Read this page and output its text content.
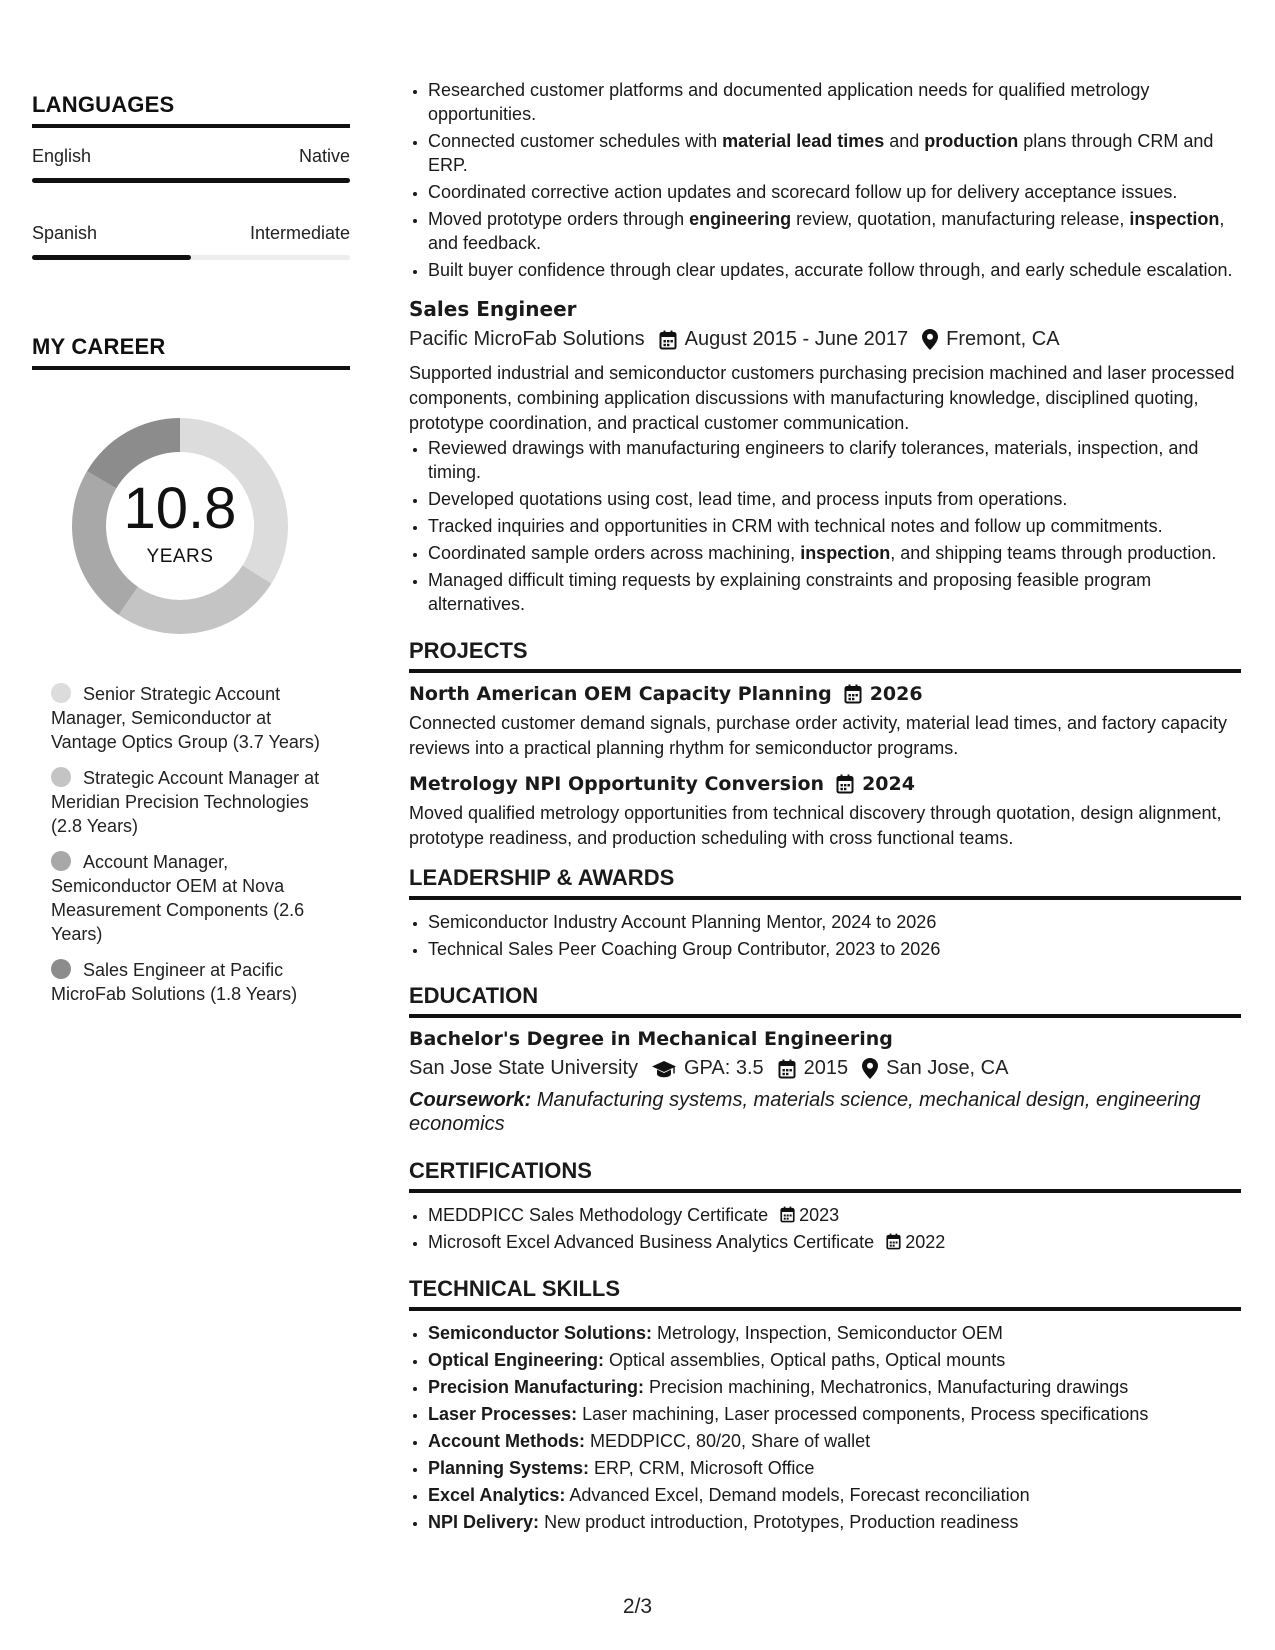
LANGUAGES
English	Native
Spanish	Intermediate
MY CAREER
10.8
YEARS
Senior Strategic Account Manager, Semiconductor at Vantage Optics Group (3.7 Years)
Strategic Account Manager at Meridian Precision Technologies (2.8 Years)
Account Manager, Semiconductor OEM at Nova Measurement Components (2.6 Years)
Sales Engineer at Pacific MicroFab Solutions (1.8 Years)
• Researched customer platforms and documented application needs for qualified metrology opportunities.
• Connected customer schedules with material lead times and production plans through CRM and ERP.
• Coordinated corrective action updates and scorecard follow up for delivery acceptance issues.
• Moved prototype orders through engineering review, quotation, manufacturing release, inspection, and feedback.
• Built buyer confidence through clear updates, accurate follow through, and early schedule escalation.
Sales Engineer
Pacific MicroFab Solutions August 2015 - June 2017 Fremont, CA
Supported industrial and semiconductor customers purchasing precision machined and laser processed components, combining application discussions with manufacturing knowledge, disciplined quoting, prototype coordination, and practical customer communication.
• Reviewed drawings with manufacturing engineers to clarify tolerances, materials, inspection, and timing.
• Developed quotations using cost, lead time, and process inputs from operations.
• Tracked inquiries and opportunities in CRM with technical notes and follow up commitments.
• Coordinated sample orders across machining, inspection, and shipping teams through production.
• Managed difficult timing requests by explaining constraints and proposing feasible program alternatives.
PROJECTS
North American OEM Capacity Planning 2026
Connected customer demand signals, purchase order activity, material lead times, and factory capacity reviews into a practical planning rhythm for semiconductor programs.
Metrology NPI Opportunity Conversion 2024
Moved qualified metrology opportunities from technical discovery through quotation, design alignment, prototype readiness, and production scheduling with cross functional teams.
LEADERSHIP & AWARDS
• Semiconductor Industry Account Planning Mentor, 2024 to 2026
• Technical Sales Peer Coaching Group Contributor, 2023 to 2026
EDUCATION
Bachelor's Degree in Mechanical Engineering
San Jose State University GPA: 3.5 2015 San Jose, CA
Coursework: Manufacturing systems, materials science, mechanical design, engineering economics
CERTIFICATIONS
• MEDDPICC Sales Methodology Certificate 2023
• Microsoft Excel Advanced Business Analytics Certificate 2022
TECHNICAL SKILLS
• Semiconductor Solutions: Metrology, Inspection, Semiconductor OEM
• Optical Engineering: Optical assemblies, Optical paths, Optical mounts
• Precision Manufacturing: Precision machining, Mechatronics, Manufacturing drawings
• Laser Processes: Laser machining, Laser processed components, Process specifications
• Account Methods: MEDDPICC, 80/20, Share of wallet
• Planning Systems: ERP, CRM, Microsoft Office
• Excel Analytics: Advanced Excel, Demand models, Forecast reconciliation
• NPI Delivery: New product introduction, Prototypes, Production readiness
2/3
